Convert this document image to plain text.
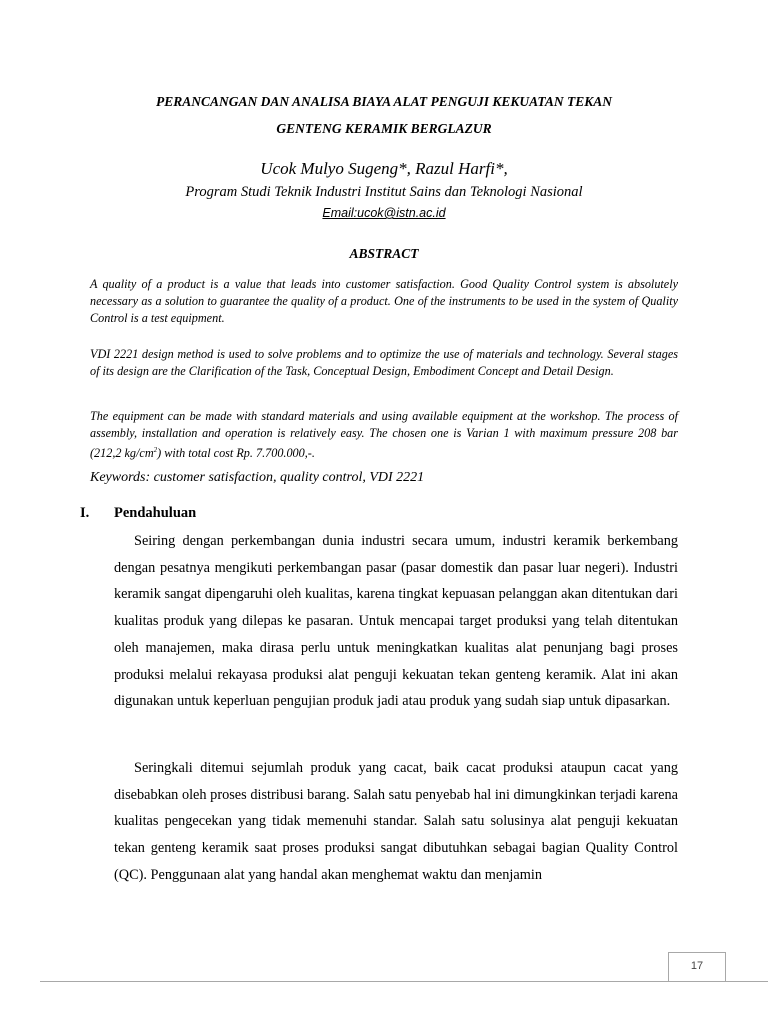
PERANCANGAN DAN ANALISA BIAYA ALAT PENGUJI KEKUATAN TEKAN
GENTENG KERAMIK BERGLAZUR
Ucok Mulyo Sugeng*, Razul Harfi*,
Program Studi Teknik Industri Institut Sains dan Teknologi Nasional
Email:ucok@istn.ac.id
ABSTRACT

A quality of a product is a value that leads into customer satisfaction. Good Quality Control system is absolutely necessary as a solution to guarantee the quality of a product. One of the instruments to be used in the system of Quality Control is a test equipment.

VDI 2221 design method is used to solve problems and to optimize the use of materials and technology. Several stages of its design are the Clarification of the Task, Conceptual Design, Embodiment Concept and Detail Design.

The equipment can be made with standard materials and using available equipment at the workshop. The process of assembly, installation and operation is relatively easy. The chosen one is Varian 1 with maximum pressure 208 bar (212,2 $kg/cm^2$) with total cost Rp. 7.700.000,-.

Keywords: customer satisfaction, quality control, VDI 2221
I. Pendahuluan

Seiring dengan perkembangan dunia industri secara umum, industri keramik berkembang dengan pesatnya mengikuti perkembangan pasar (pasar domestik dan pasar luar negeri). Industri keramik sangat dipengaruhi oleh kualitas, karena tingkat kepuasan pelanggan akan ditentukan dari kualitas produk yang dilepas ke pasaran. Untuk mencapai target produksi yang telah ditentukan oleh manajemen, maka dirasa perlu untuk meningkatkan kualitas alat penunjang bagi proses produksi melalui rekayasa produksi alat penguji kekuatan tekan genteng keramik. Alat ini akan digunakan untuk keperluan pengujian produk jadi atau produk yang sudah siap untuk dipasarkan.

Seringkali ditemui sejumlah produk yang cacat, baik cacat produksi ataupun cacat yang disebabkan oleh proses distribusi barang. Salah satu penyebab hal ini dimungkinkan terjadi karena kualitas pengecekan yang tidak memenuhi standar. Salah satu solusinya alat penguji kekuatan tekan genteng keramik saat proses produksi sangat dibutuhkan sebagai bagian Quality Control (QC). Penggunaan alat yang handal akan menghemat waktu dan menjamin

17
